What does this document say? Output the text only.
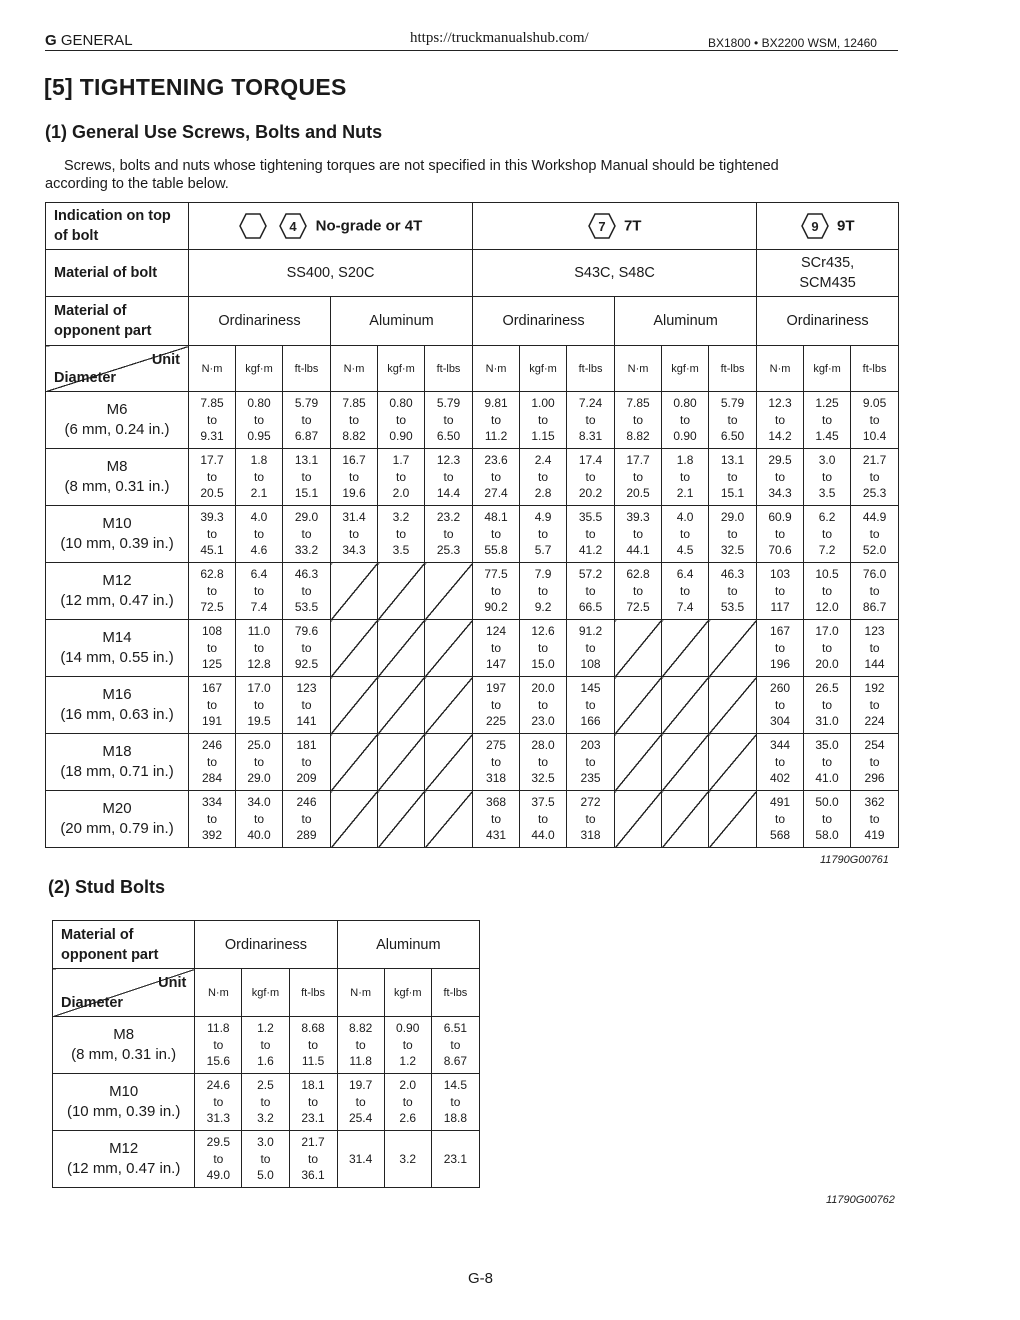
G GENERAL	https://truckmanualshub.com/	BX1800 • BX2200 WSM, 12460
[5] TIGHTENING TORQUES
(1) General Use Screws, Bolts and Nuts
Screws, bolts and nuts whose tightening torques are not specified in this Workshop Manual should be tightened
according to the table below.
Indication on top of bolt	4 No-grade or 4T						7 7T						9 9T		
Material of bolt	SS400, S20C						S43C, S48C						SCr435,
SCM435		
Material of opponent part	Ordinariness			Aluminum			Ordinariness			Aluminum			Ordinariness		

Unit
Diameter	N·m	kgf·m	ft-lbs	N·m	kgf·m	ft-lbs	N·m	kgf·m	ft-lbs	N·m	kgf·m	ft-lbs	N·m	kgf·m	ft-lbs
M6
(6 mm, 0.24 in.)	7.85
to
9.31	0.80
to
0.95	5.79
to
6.87	7.85
to
8.82	0.80
to
0.90	5.79
to
6.50	9.81
to
11.2	1.00
to
1.15	7.24
to
8.31	7.85
to
8.82	0.80
to
0.90	5.79
to
6.50	12.3
to
14.2	1.25
to
1.45	9.05
to
10.4
M8
(8 mm, 0.31 in.)	17.7
to
20.5	1.8
to
2.1	13.1
to
15.1	16.7
to
19.6	1.7
to
2.0	12.3
to
14.4	23.6
to
27.4	2.4
to
2.8	17.4
to
20.2	17.7
to
20.5	1.8
to
2.1	13.1
to
15.1	29.5
to
34.3	3.0
to
3.5	21.7
to
25.3
M10
(10 mm, 0.39 in.)	39.3
to
45.1	4.0
to
4.6	29.0
to
33.2	31.4
to
34.3	3.2
to
3.5	23.2
to
25.3	48.1
to
55.8	4.9
to
5.7	35.5
to
41.2	39.3
to
44.1	4.0
to
4.5	29.0
to
32.5	60.9
to
70.6	6.2
to
7.2	44.9
to
52.0
M12
(12 mm, 0.47 in.)	62.8
to
72.5	6.4
to
7.4	46.3
to
53.5				77.5
to
90.2	7.9
to
9.2	57.2
to
66.5	62.8
to
72.5	6.4
to
7.4	46.3
to
53.5	103
to
117	10.5
to
12.0	76.0
to
86.7
M14
(14 mm, 0.55 in.)	108
to
125	11.0
to
12.8	79.6
to
92.5				124
to
147	12.6
to
15.0	91.2
to
108				167
to
196	17.0
to
20.0	123
to
144
M16
(16 mm, 0.63 in.)	167
to
191	17.0
to
19.5	123
to
141				197
to
225	20.0
to
23.0	145
to
166				260
to
304	26.5
to
31.0	192
to
224
M18
(18 mm, 0.71 in.)	246
to
284	25.0
to
29.0	181
to
209				275
to
318	28.0
to
32.5	203
to
235				344
to
402	35.0
to
41.0	254
to
296
M20
(20 mm, 0.79 in.)	334
to
392	34.0
to
40.0	246
to
289				368
to
431	37.5
to
44.0	272
to
318				491
to
568	50.0
to
58.0	362
to
419
(2) Stud Bolts
11790G00761
Material of opponent part	Ordinariness			Aluminum		

Unit
Diameter	N·m	kgf·m	ft-lbs	N·m	kgf·m	ft-lbs
M8
(8 mm, 0.31 in.)	11.8
to
15.6	1.2
to
1.6	8.68
to
11.5	8.82
to
11.8	0.90
to
1.2	6.51
to
8.67
M10
(10 mm, 0.39 in.)	24.6
to
31.3	2.5
to
3.2	18.1
to
23.1	19.7
to
25.4	2.0
to
2.6	14.5
to
18.8
M12
(12 mm, 0.47 in.)	29.5
to
49.0	3.0
to
5.0	21.7
to
36.1	31.4	3.2	23.1
11790G00762
G-8
